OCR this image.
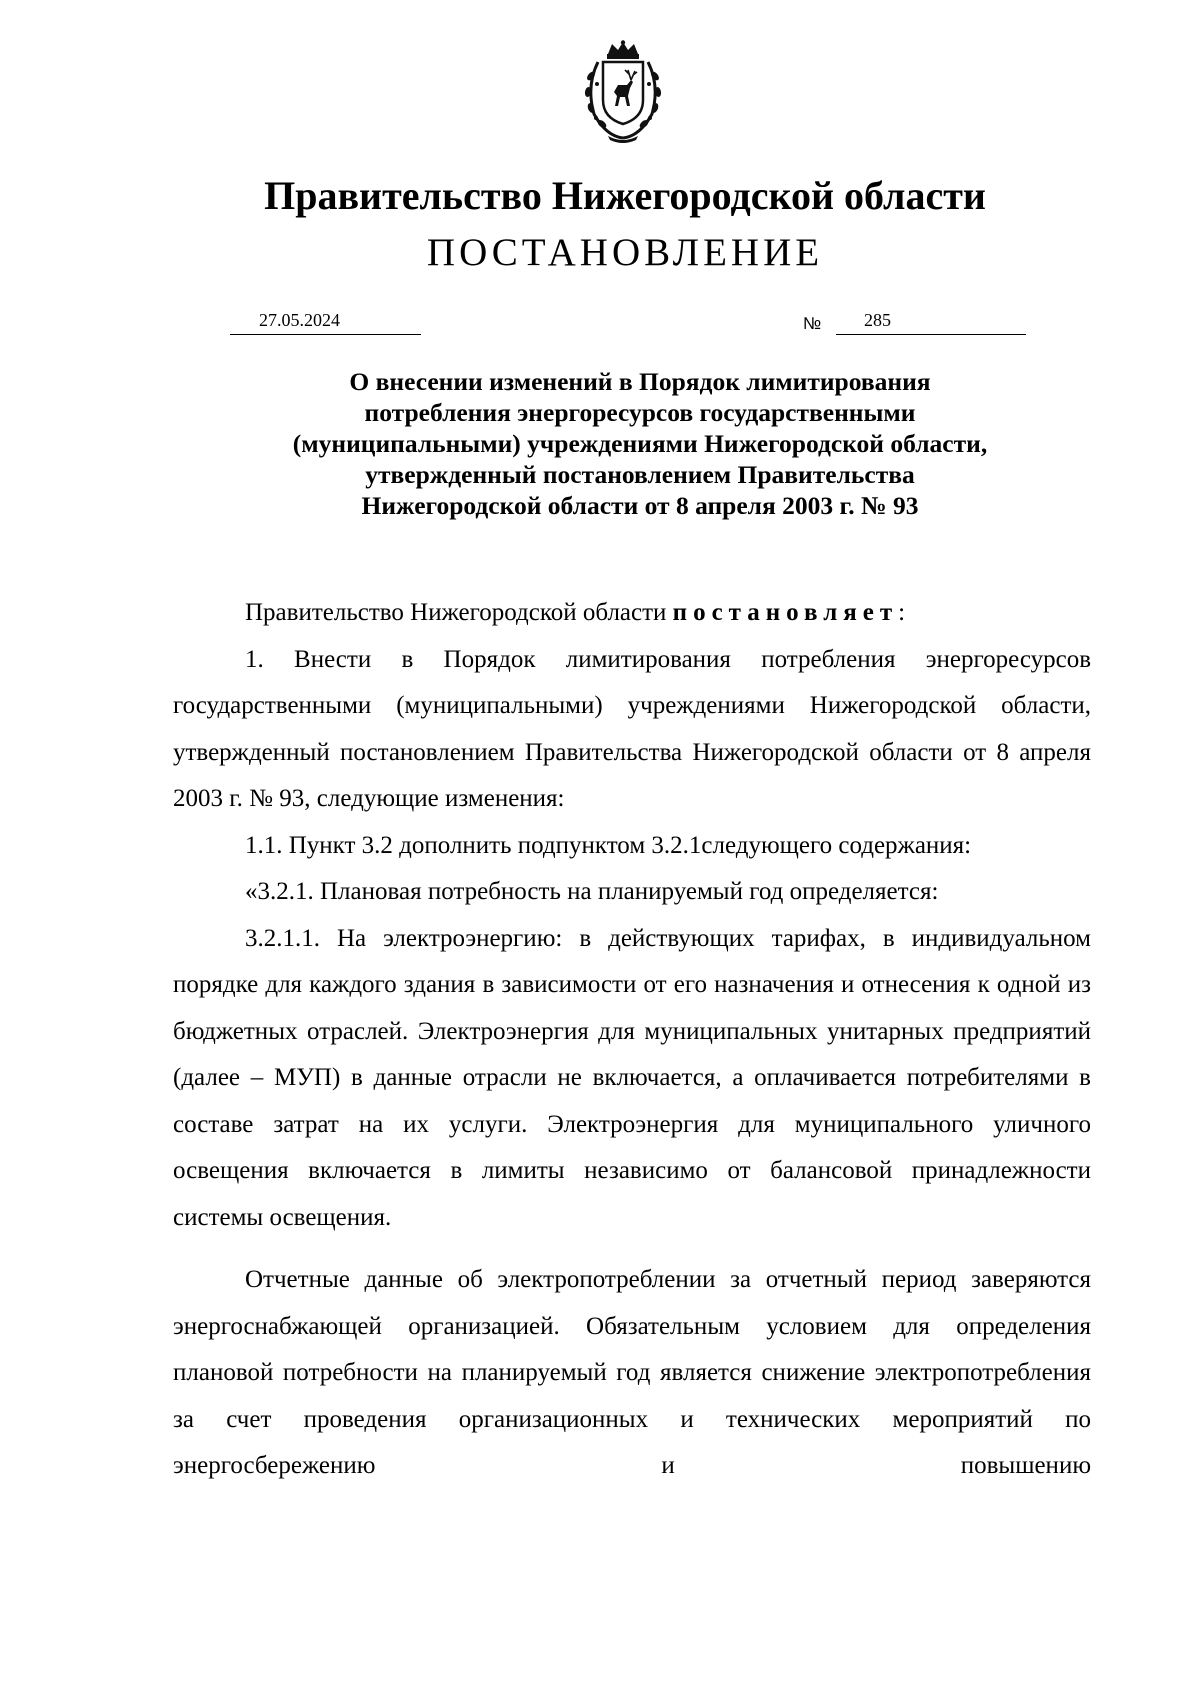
Правительство Нижегородской области
ПОСТАНОВЛЕНИЕ
27.05.2024	№ 285
О внесении изменений в Порядок лимитирования
потребления энергоресурсов государственными
(муниципальными) учреждениями Нижегородской области,
утвержденный постановлением Правительства
Нижегородской области от 8 апреля 2003 г. № 93

Правительство Нижегородской области постановляет:

1. Внести в Порядок лимитирования потребления энергоресурсов государственными (муниципальными) учреждениями Нижегородской области, утвержденный постановлением Правительства Нижегородской области от 8 апреля 2003 г. № 93, следующие изменения:

1.1. Пункт 3.2 дополнить подпунктом 3.2.1следующего содержания:

«3.2.1. Плановая потребность на планируемый год определяется:

3.2.1.1. На электроэнергию: в действующих тарифах, в индивидуальном порядке для каждого здания в зависимости от его назначения и отнесения к одной из бюджетных отраслей. Электроэнергия для муниципальных унитарных предприятий (далее – МУП) в данные отрасли не включается, а оплачивается потребителями в составе затрат на их услуги. Электроэнергия для муниципального уличного освещения включается в лимиты независимо от балансовой принадлежности системы освещения.

Отчетные данные об электропотреблении за отчетный период заверяются энергоснабжающей организацией. Обязательным условием для определения плановой потребности на планируемый год является снижение электропотребления за счет проведения организационных и технических мероприятий по энергосбережению и повышению
